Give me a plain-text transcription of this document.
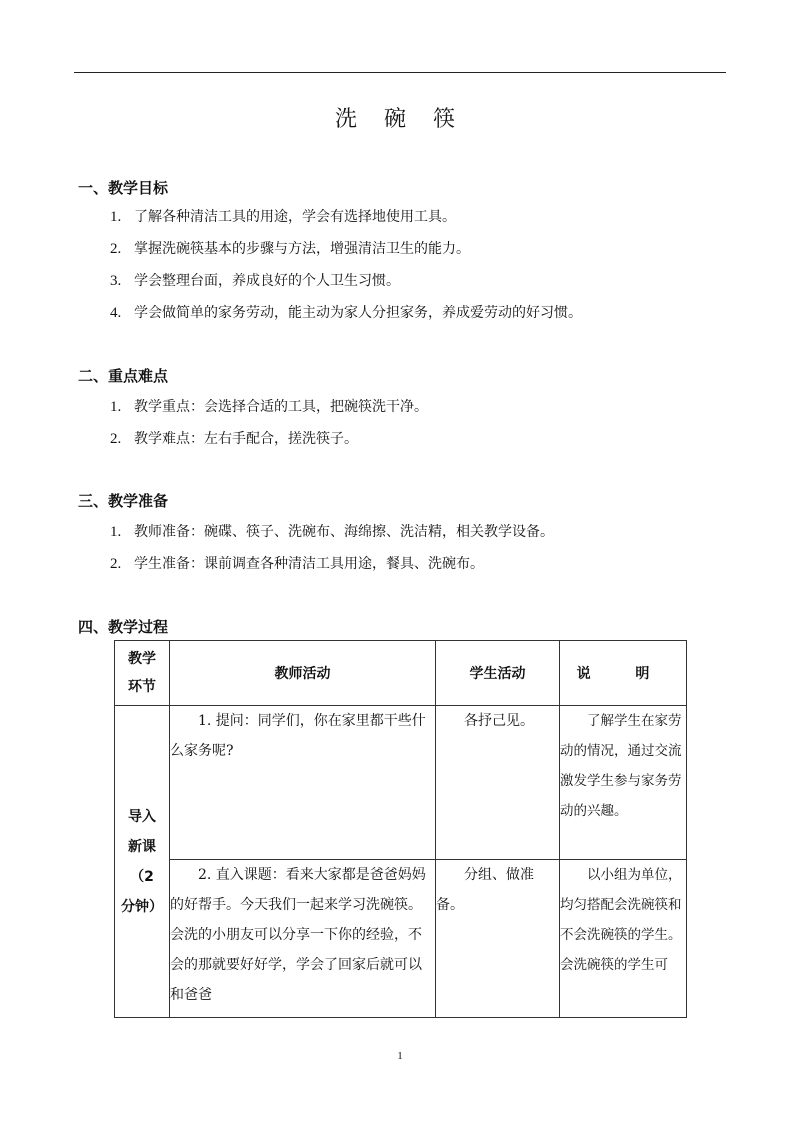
洗 碗 筷
一、教学目标
1. 了解各种清洁工具的用途，学会有选择地使用工具。
2. 掌握洗碗筷基本的步骤与方法，增强清洁卫生的能力。
3. 学会整理台面，养成良好的个人卫生习惯。
4. 学会做简单的家务劳动，能主动为家人分担家务，养成爱劳动的好习惯。
二、重点难点
1. 教学重点：会选择合适的工具，把碗筷洗干净。
2. 教学难点：左右手配合，搓洗筷子。
三、教学准备
1. 教师准备：碗碟、筷子、洗碗布、海绵擦、洗洁精，相关教学设备。
2. 学生准备：课前调查各种清洁工具用途，餐具、洗碗布。
四、教学过程
教学
环节	教师活动	学生活动	说 明

导入
新课
（2
分钟）	1. 提问：同学们，你在家里都干些什么家务呢?	各抒己见。	了解学生在家劳动的情况，通过交流激发学生参与家务劳动的兴趣。

	2. 直入课题：看来大家都是爸爸妈妈的好帮手。今天我们一起来学习洗碗筷。会洗的小朋友可以分享一下你的经验，不会的那就要好好学，学会了回家后就可以和爸爸	分组、做准备。	以小组为单位，均匀搭配会洗碗筷和不会洗碗筷的学生。会洗碗筷的学生可
1
